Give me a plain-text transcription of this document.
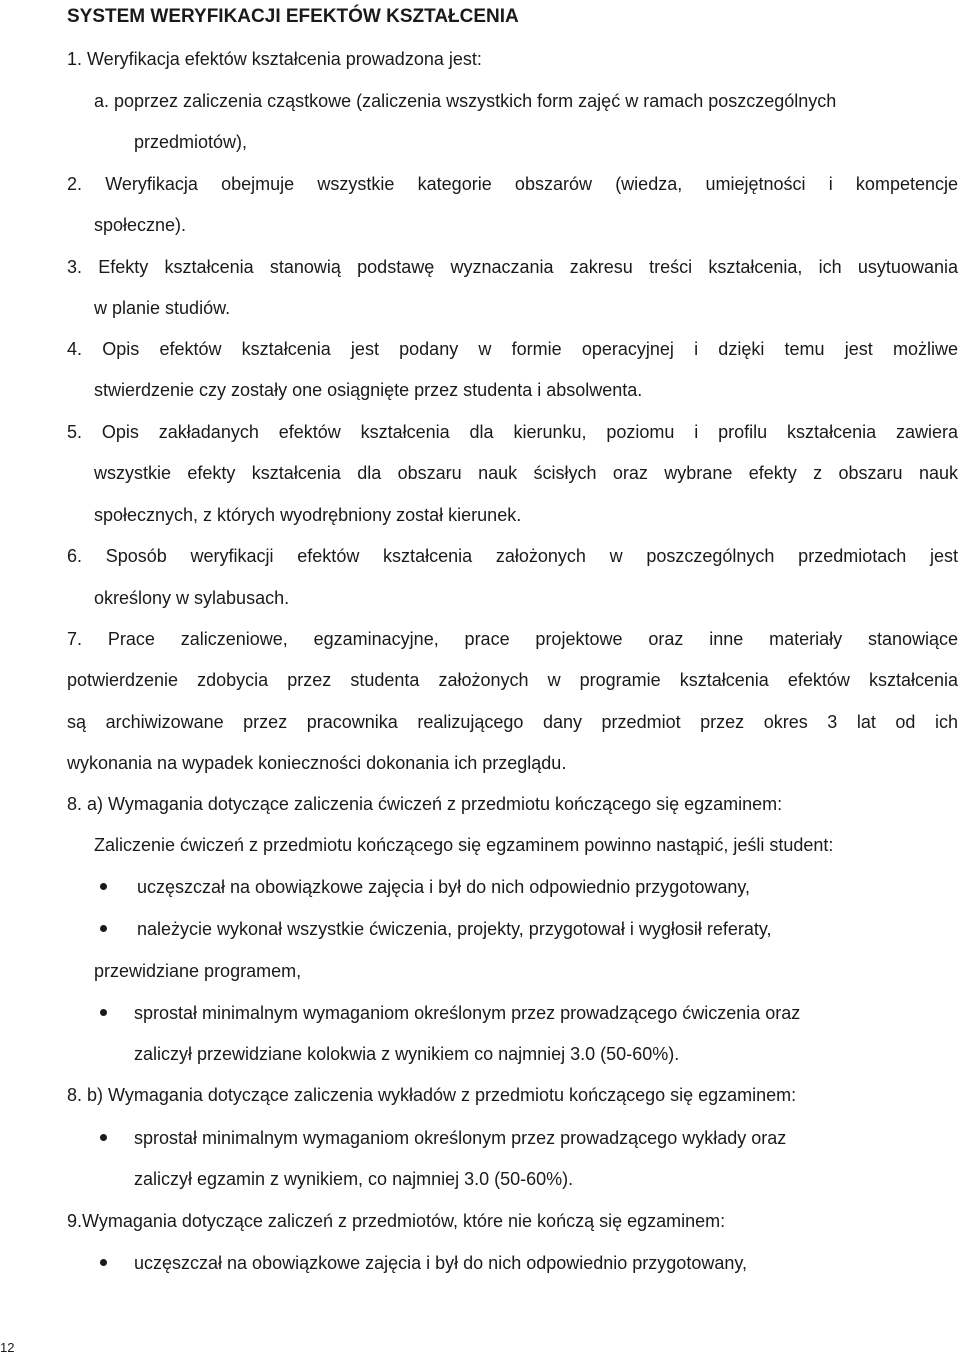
SYSTEM WERYFIKACJI EFEKTÓW KSZTAŁCENIA
1. Weryfikacja efektów kształcenia prowadzona jest:
a. poprzez zaliczenia cząstkowe (zaliczenia wszystkich form zajęć w ramach poszczególnych
przedmiotów),
2. Weryfikacja obejmuje wszystkie kategorie obszarów (wiedza, umiejętności i kompetencje
społeczne).
3. Efekty kształcenia stanowią podstawę wyznaczania zakresu treści kształcenia, ich usytuowania
w planie studiów.
4. Opis efektów kształcenia jest podany w formie operacyjnej i dzięki temu jest możliwe
stwierdzenie czy zostały one osiągnięte przez studenta i absolwenta.
5. Opis zakładanych efektów kształcenia dla kierunku, poziomu i profilu kształcenia zawiera
wszystkie efekty kształcenia dla obszaru nauk ścisłych oraz wybrane efekty z obszaru nauk
społecznych, z których wyodrębniony został kierunek.
6. Sposób weryfikacji efektów kształcenia założonych w poszczególnych przedmiotach jest
określony w sylabusach.
7. Prace zaliczeniowe, egzaminacyjne, prace projektowe oraz inne materiały stanowiące
potwierdzenie zdobycia przez studenta założonych w programie kształcenia efektów kształcenia
są archiwizowane przez pracownika realizującego dany przedmiot przez okres 3 lat od ich
wykonania na wypadek konieczności dokonania ich przeglądu.
8. a) Wymagania dotyczące zaliczenia ćwiczeń z przedmiotu kończącego się egzaminem:
Zaliczenie ćwiczeń z przedmiotu kończącego się egzaminem powinno nastąpić, jeśli student:
uczęszczał na obowiązkowe zajęcia i był do nich odpowiednio przygotowany,
należycie wykonał wszystkie ćwiczenia, projekty, przygotował i wygłosił referaty,
przewidziane programem,
sprostał minimalnym wymaganiom określonym przez prowadzącego ćwiczenia oraz
zaliczył przewidziane kolokwia z wynikiem co najmniej 3.0 (50-60%).
8. b) Wymagania dotyczące zaliczenia wykładów z przedmiotu kończącego się egzaminem:
sprostał minimalnym wymaganiom określonym przez prowadzącego wykłady oraz
zaliczył egzamin z wynikiem, co najmniej 3.0 (50-60%).
9.Wymagania dotyczące zaliczeń z przedmiotów, które nie kończą się egzaminem:
uczęszczał na obowiązkowe zajęcia i był do nich odpowiednio przygotowany,
12
